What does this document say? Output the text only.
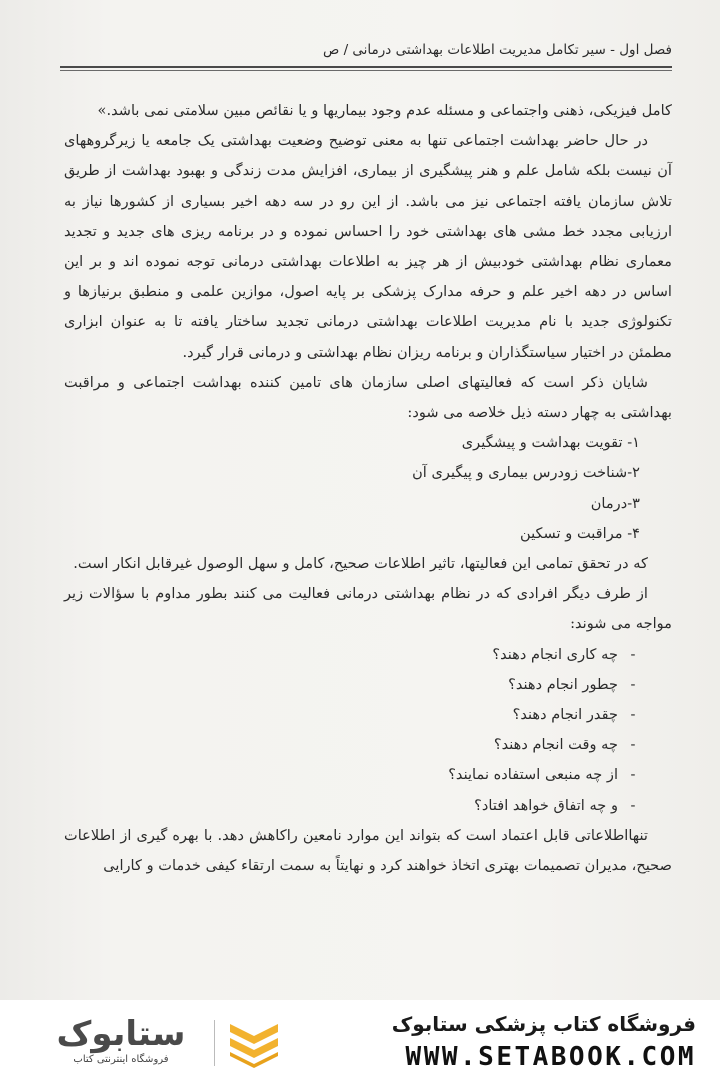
فصل اول - سیر تکامل مدیریت اطلاعات بهداشتی درمانی / ص

کامل فیزیکی، ذهنی واجتماعی و مسئله عدم وجود بیماریها و یا نقائص مبین سلامتی نمی باشد.»

در حال حاضر بهداشت اجتماعی تنها به معنی توضیح وضعیت بهداشتی یک جامعه یا زیرگروههای آن نیست بلکه شامل علم و هنر پیشگیری از بیماری، افزایش مدت زندگی و بهبود بهداشت از طریق تلاش سازمان یافته اجتماعی نیز می باشد. از این رو در سه دهه اخیر بسیاری از کشورها نیاز به ارزیابی مجدد خط مشی های بهداشتی خود را احساس نموده و در برنامه ریزی های جدید و تجدید معماری نظام بهداشتی خودبیش از هر چیز به اطلاعات بهداشتی درمانی توجه نموده اند و بر این اساس در دهه اخیر علم و حرفه مدارک پزشکی بر پایه اصول، موازین علمی و منطبق برنیازها و تکنولوژی جدید با نام مدیریت اطلاعات بهداشتی درمانی تجدید ساختار یافته تا به عنوان ابزاری مطمئن در اختیار سیاستگذاران و برنامه ریزان نظام بهداشتی و درمانی قرار گیرد.

شایان ذکر است که فعالیتهای اصلی سازمان های تامین کننده بهداشت اجتماعی و مراقبت بهداشتی به چهار دسته ذیل خلاصه می شود:

۱- تقویت بهداشت و پیشگیری

۲-شناخت زودرس بیماری و پیگیری آن

۳-درمان

۴- مراقبت و تسکین

که در تحقق تمامی این فعالیتها، تاثیر اطلاعات صحیح، کامل و سهل الوصول غیرقابل انکار است.

از طرف دیگر افرادی که در نظام بهداشتی درمانی فعالیت می کنند بطور مداوم با سؤالات زیر مواجه می شوند:

-چه کاری انجام دهند؟

-چطور انجام دهند؟

-چقدر انجام دهند؟

-چه وقت انجام دهند؟

-از چه منبعی استفاده نمایند؟

-و چه اتفاق خواهد افتاد؟

تنهااطلاعاتی قابل اعتماد است که بتواند این موارد نامعین راکاهش دهد. با بهره گیری از اطلاعات صحیح، مدیران تصمیمات بهتری اتخاذ خواهند کرد و نهایتاً به سمت ارتقاء کیفی خدمات و کارایی

ستابوک
فروشگاه اینترنتی کتاب
فروشگاه کتاب پزشکی ستابوک
WWW.SETABOOK.COM
